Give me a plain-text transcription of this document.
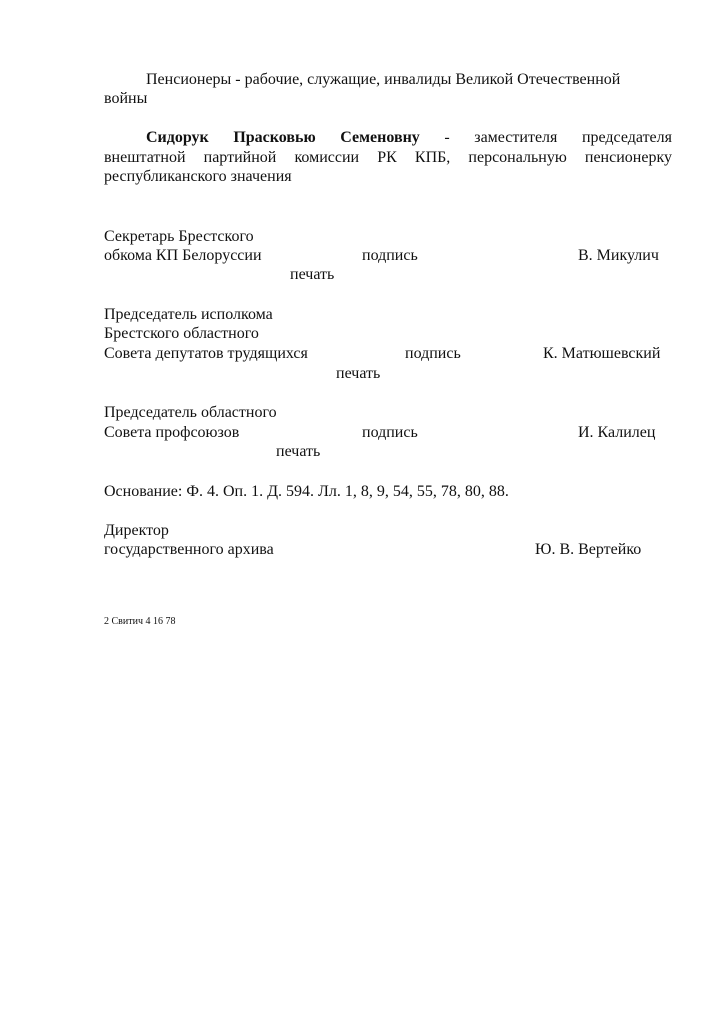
Пенсионеры - рабочие, служащие, инвалиды Великой Отечественной
войны
Сидорук Прасковью Семеновну - заместителя председателя
внештатной партийной комиссии РК КПБ, персональную пенсионерку
республиканского значения
Секретарь Брестского
обкома КП Белоруссии	подпись	В. Микулич
печать
Председатель исполкома
Брестского областного
Совета депутатов трудящихся	подпись	К. Матюшевский
печать
Председатель областного
Совета профсоюзов	подпись	И. Калилец
печать
Основание: Ф. 4. Оп. 1. Д. 594. Лл. 1, 8, 9, 54, 55, 78, 80, 88.
Директор
государственного архива	Ю. В. Вертейко
2 Свитич 4 16 78
